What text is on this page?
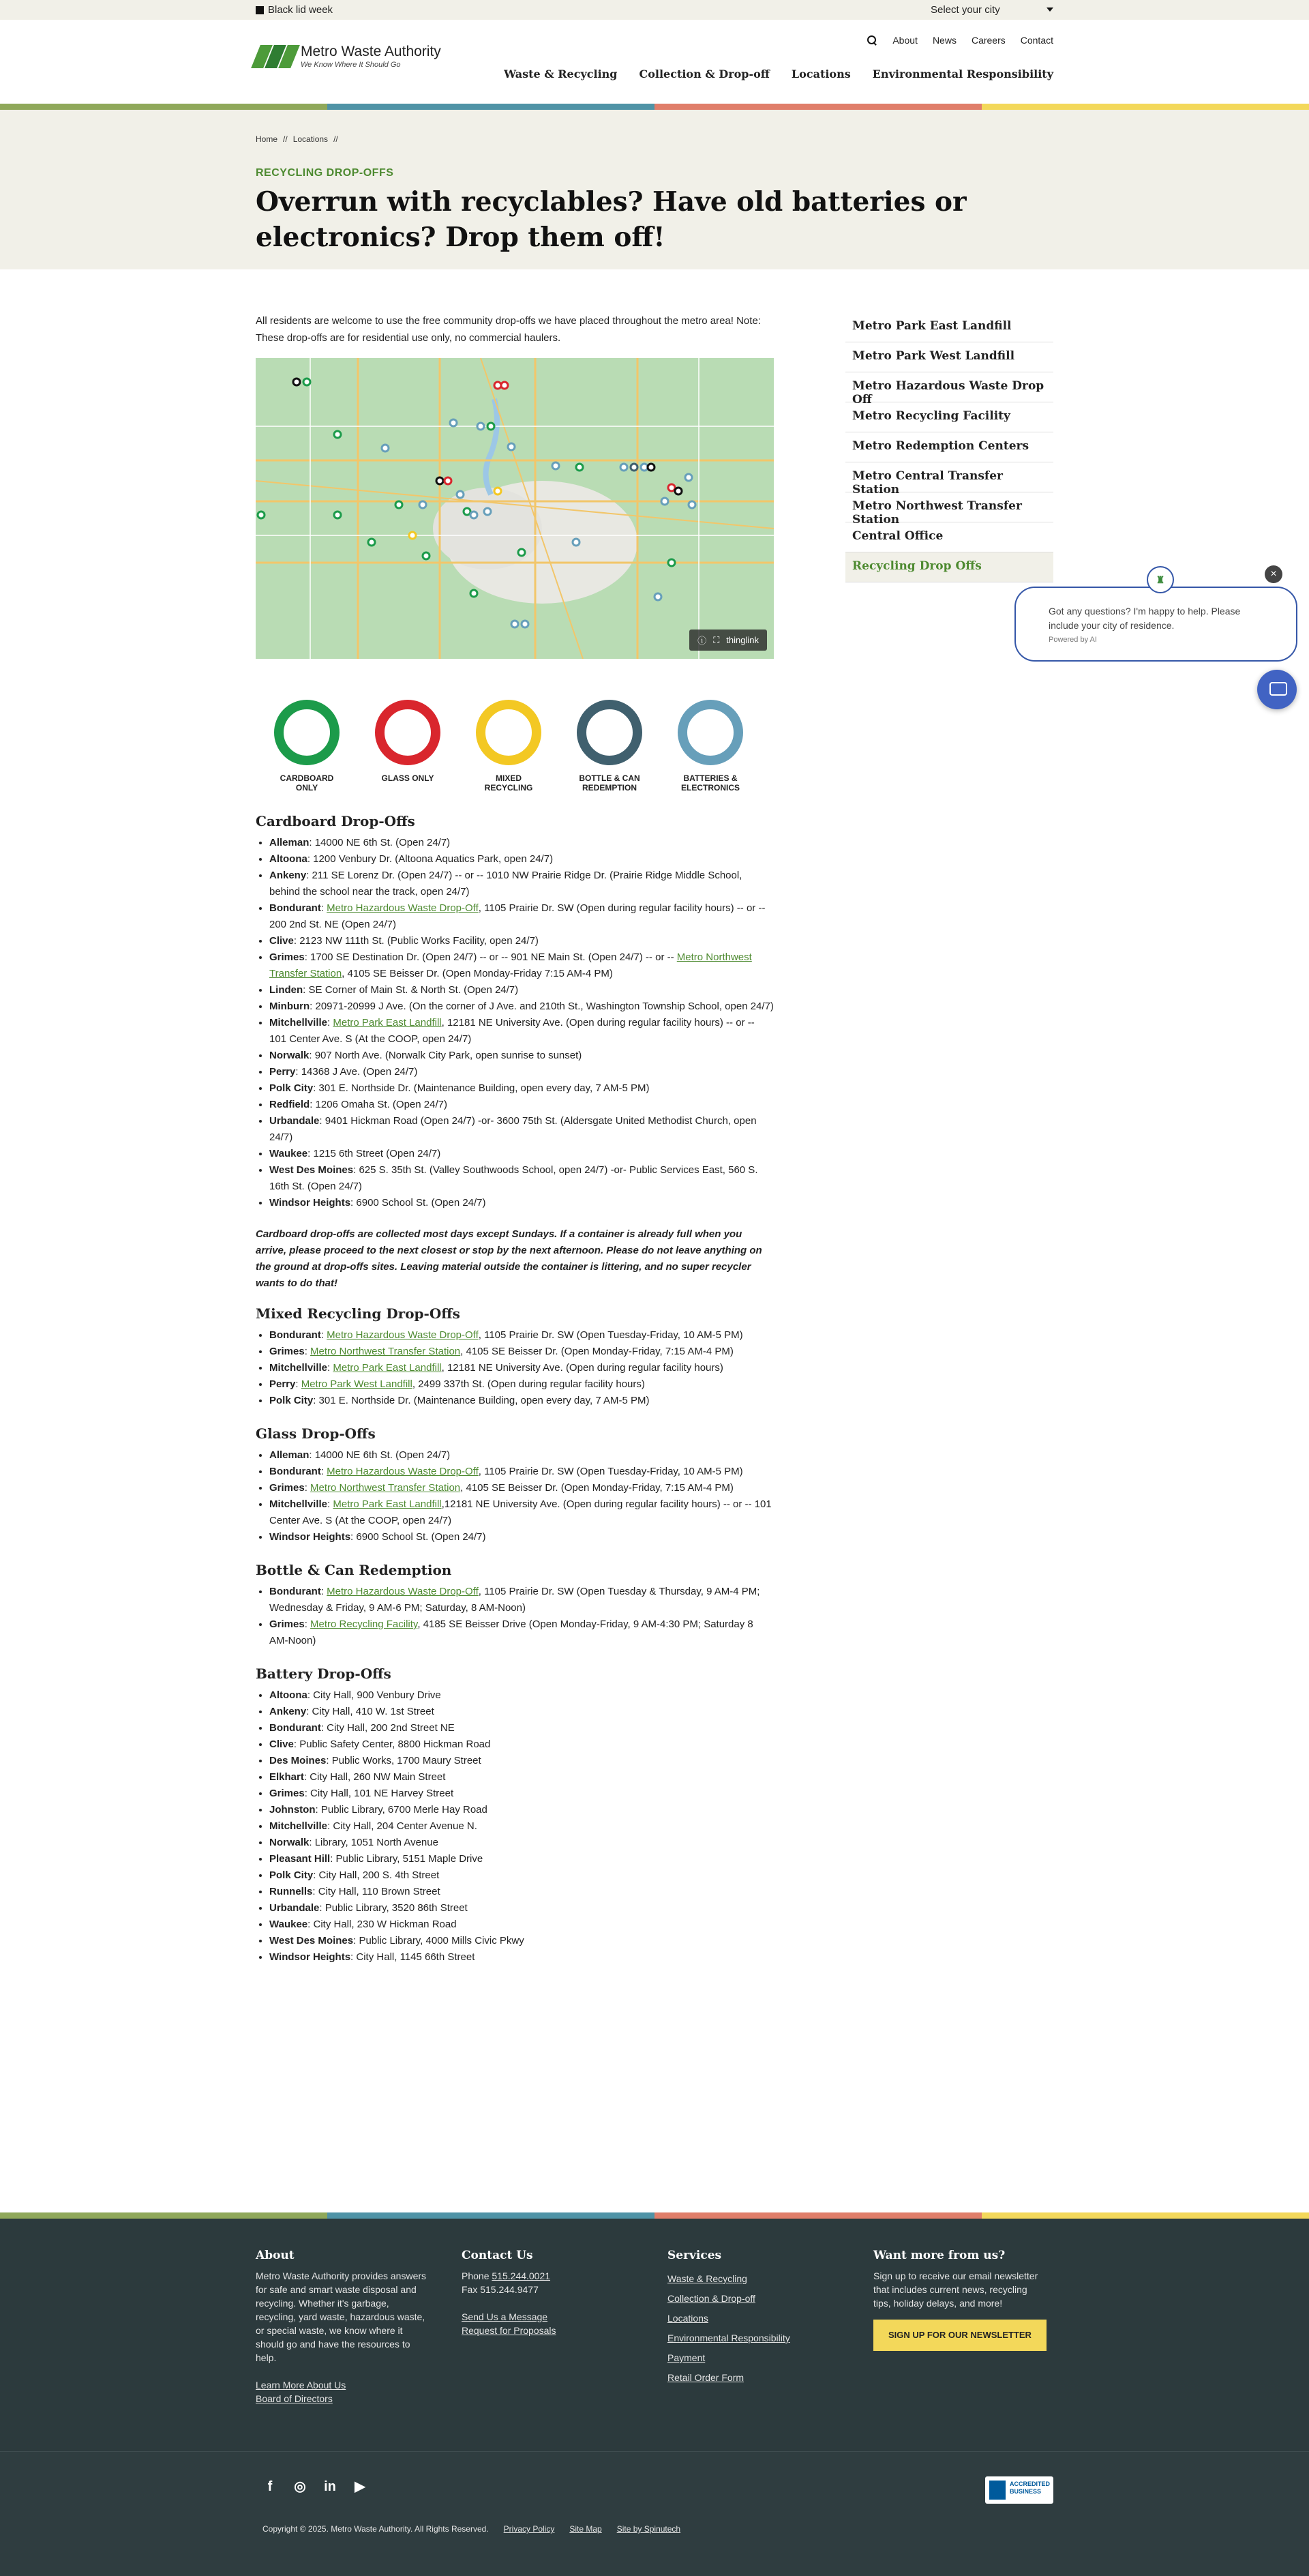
Black lid week	Select your city
Metro Waste Authority
We Know Where It Should Go
About News Careers Contact
Waste & Recycling Collection & Drop-off Locations Environmental Responsibility
Home // Locations //
RECYCLING DROP-OFFS
Overrun with recyclables? Have old batteries or electronics? Drop them off!

All residents are welcome to use the free community drop-offs we have placed throughout the metro area! Note: These drop-offs are for residential use only, no commercial haulers.

ⓘ ⛶ thinglink
CARDBOARD ONLY
GLASS ONLY	MIXED RECYCLING
BOTTLE & CAN REDEMPTION
BATTERIES & ELECTRONICS
Cardboard Drop-Offs
• Alleman: 14000 NE 6th St. (Open 24/7)
• Altoona: 1200 Venbury Dr. (Altoona Aquatics Park, open 24/7)
• Ankeny: 211 SE Lorenz Dr. (Open 24/7) -- or -- 1010 NW Prairie Ridge Dr. (Prairie Ridge Middle School, behind the school near the track, open 24/7)
• Bondurant: Metro Hazardous Waste Drop-Off, 1105 Prairie Dr. SW (Open during regular facility hours) -- or -- 200 2nd St. NE (Open 24/7)
• Clive: 2123 NW 111th St. (Public Works Facility, open 24/7)
• Grimes: 1700 SE Destination Dr. (Open 24/7) -- or -- 901 NE Main St. (Open 24/7) -- or -- Metro Northwest Transfer Station, 4105 SE Beisser Dr. (Open Monday-Friday 7:15 AM-4 PM)
• Linden: SE Corner of Main St. & North St. (Open 24/7)
• Minburn: 20971-20999 J Ave. (On the corner of J Ave. and 210th St., Washington Township School, open 24/7)
• Mitchellville: Metro Park East Landfill, 12181 NE University Ave. (Open during regular facility hours) -- or -- 101 Center Ave. S (At the COOP, open 24/7)
• Norwalk: 907 North Ave. (Norwalk City Park, open sunrise to sunset)
• Perry: 14368 J Ave. (Open 24/7)
• Polk City: 301 E. Northside Dr. (Maintenance Building, open every day, 7 AM-5 PM)
• Redfield: 1206 Omaha St. (Open 24/7)
• Urbandale: 9401 Hickman Road (Open 24/7) -or- 3600 75th St. (Aldersgate United Methodist Church, open 24/7)
• Waukee: 1215 6th Street (Open 24/7)
• West Des Moines: 625 S. 35th St. (Valley Southwoods School, open 24/7) -or- Public Services East, 560 S. 16th St. (Open 24/7)
• Windsor Heights: 6900 School St. (Open 24/7)

Cardboard drop-offs are collected most days except Sundays. If a container is already full when you arrive, please proceed to the next closest or stop by the next afternoon. Please do not leave anything on the ground at drop-offs sites. Leaving material outside the container is littering, and no super recycler wants to do that!

Mixed Recycling Drop-Offs
• Bondurant: Metro Hazardous Waste Drop-Off, 1105 Prairie Dr. SW (Open Tuesday-Friday, 10 AM-5 PM)
• Grimes: Metro Northwest Transfer Station, 4105 SE Beisser Dr. (Open Monday-Friday, 7:15 AM-4 PM)
• Mitchellville: Metro Park East Landfill, 12181 NE University Ave. (Open during regular facility hours)
• Perry: Metro Park West Landfill, 2499 337th St. (Open during regular facility hours)
• Polk City: 301 E. Northside Dr. (Maintenance Building, open every day, 7 AM-5 PM)
Glass Drop-Offs
• Alleman: 14000 NE 6th St. (Open 24/7)
• Bondurant: Metro Hazardous Waste Drop-Off, 1105 Prairie Dr. SW (Open Tuesday-Friday, 10 AM-5 PM)
• Grimes: Metro Northwest Transfer Station, 4105 SE Beisser Dr. (Open Monday-Friday, 7:15 AM-4 PM)
• Mitchellville: Metro Park East Landfill,12181 NE University Ave. (Open during regular facility hours) -- or -- 101 Center Ave. S (At the COOP, open 24/7)
• Windsor Heights: 6900 School St. (Open 24/7)
Bottle & Can Redemption
• Bondurant: Metro Hazardous Waste Drop-Off, 1105 Prairie Dr. SW (Open Tuesday & Thursday, 9 AM-4 PM; Wednesday & Friday, 9 AM-6 PM; Saturday, 8 AM-Noon)
• Grimes: Metro Recycling Facility, 4185 SE Beisser Drive (Open Monday-Friday, 9 AM-4:30 PM; Saturday 8 AM-Noon)
Battery Drop-Offs
• Altoona: City Hall, 900 Venbury Drive
• Ankeny: City Hall, 410 W. 1st Street
• Bondurant: City Hall, 200 2nd Street NE
• Clive: Public Safety Center, 8800 Hickman Road
• Des Moines: Public Works, 1700 Maury Street
• Elkhart: City Hall, 260 NW Main Street
• Grimes: City Hall, 101 NE Harvey Street
• Johnston: Public Library, 6700 Merle Hay Road
• Mitchellville: City Hall, 204 Center Avenue N.
• Norwalk: Library, 1051 North Avenue
• Pleasant Hill: Public Library, 5151 Maple Drive
• Polk City: City Hall, 200 S. 4th Street
• Runnells: City Hall, 110 Brown Street
• Urbandale: Public Library, 3520 86th Street
• Waukee: City Hall, 230 W Hickman Road
• West Des Moines: Public Library, 4000 Mills Civic Pkwy
• Windsor Heights: City Hall, 1145 66th Street
Metro Park East Landfill
Metro Park West Landfill
Metro Hazardous Waste Drop Off
Metro Recycling Facility
Metro Redemption Centers
Metro Central Transfer Station
Metro Northwest Transfer Station
Central Office
Recycling Drop Offs
♜	×
Got any questions? I'm happy to help. Please include your city of residence.
Powered by AI
About

Metro Waste Authority provides answers for safe and smart waste disposal and recycling. Whether it's garbage, recycling, yard waste, hazardous waste, or special waste, we know where it should go and have the resources to help.

Learn More About Us

Board of Directors

Contact Us

Phone 515.244.0021

Fax 515.244.9477

Send Us a Message

Request for Proposals

Services

Waste & Recycling
Collection & Drop-off
Locations
Environmental Responsibility
Payment
Retail Order Form

Want more from us?

Sign up to receive our email newsletter that includes current news, recycling tips, holiday delays, and more!

SIGN UP FOR OUR NEWSLETTER
f	◎ in ▶	ACCREDITED BUSINESS
Copyright © 2025. Metro Waste Authority. All Rights Reserved. Privacy Policy Site Map Site by Spinutech
